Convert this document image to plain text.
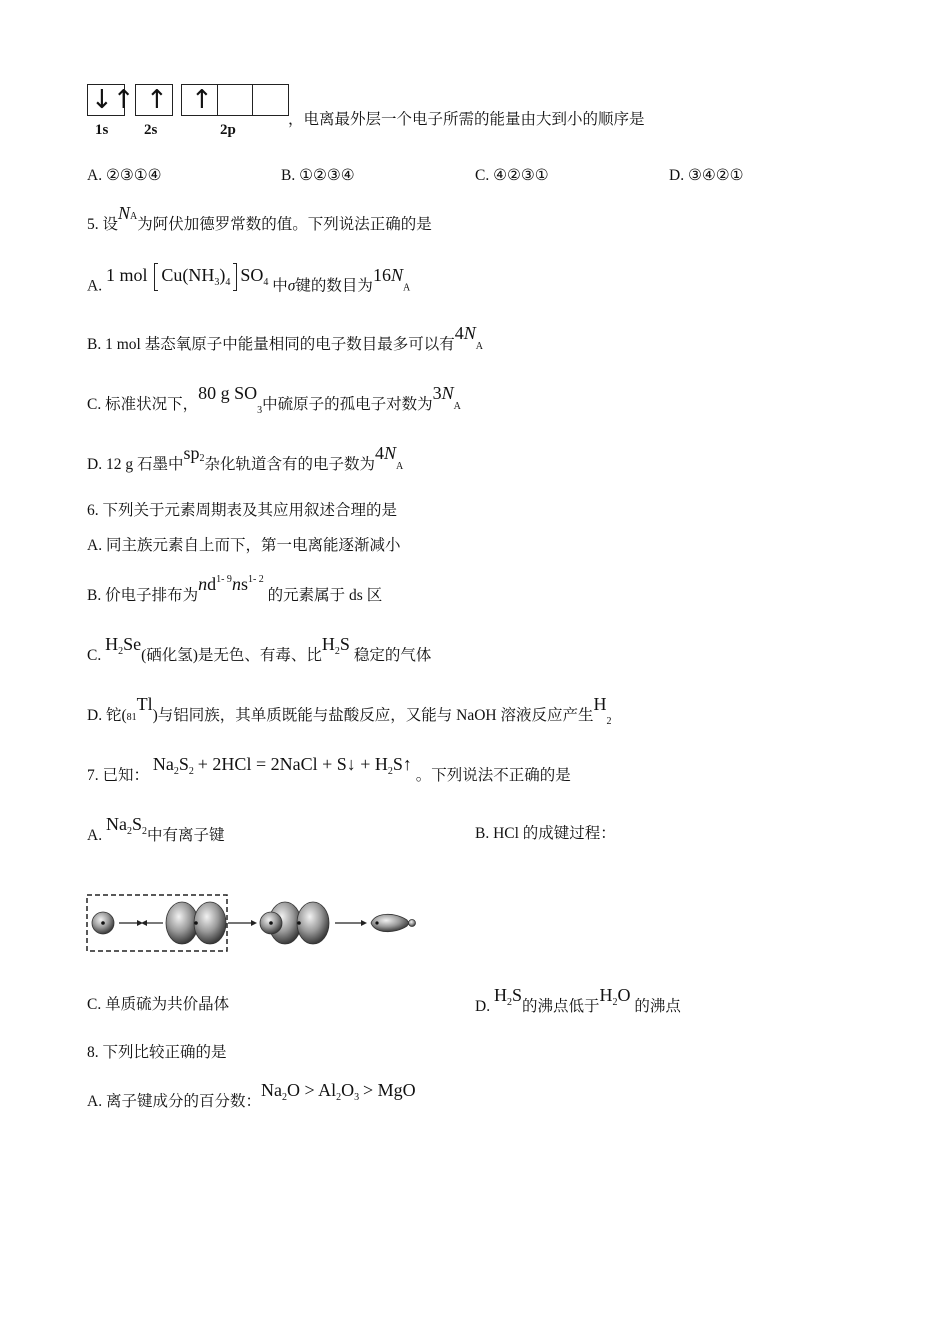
↓↑ ↑ ↑
1s 2s	2p
，电离最外层一个电子所需的能量由大到小的顺序是
A. ②③①④	B. ①②③④	C. ④②③①	D. ③④②①
5. 设$N^A$为阿伏加德罗常数的值。下列说法正确的是
A. 1 mol $Cu(NH_3)_4$ $SO_4$ 中σ键的数目为16NA
B. 1 mol 基态氧原子中能量相同的电子数目最多可以有4NA
C. 标准状况下，80 g $SO_3$中硫原子的孤电子对数为3NA
D. 12 g 石墨中$sp^2$杂化轨道含有的电子数为4NA
6. 下列关于元素周期表及其应用叙述合理的是
A. 同主族元素自上而下，第一电离能逐渐减小
B. 价电子排布为$nd^{1- 9}ns^{1- 2}$ 的元素属于 ds 区
C. $H_2Se$(硒化氢)是无色、有毒、比$H_2S$ 稳定的气体
D. 铊(81Tl)与铝同族，其单质既能与盐酸反应，又能与 NaOH 溶液反应产生$H_2$
7. 已知： $Na_2S_2 + 2HCl$ = 2NaCl + S↓ + $H_2S↑$ 。下列说法不正确的是
A. $Na_2S_2$中有离子键	B. HCl 的成键过程：
C. 单质硫为共价晶体	D. $H_2S$的沸点低于$H_2O$ 的沸点
8. 下列比较正确的是
A. 离子键成分的百分数：$Na_2O > Al_2O_3$ > MgO
